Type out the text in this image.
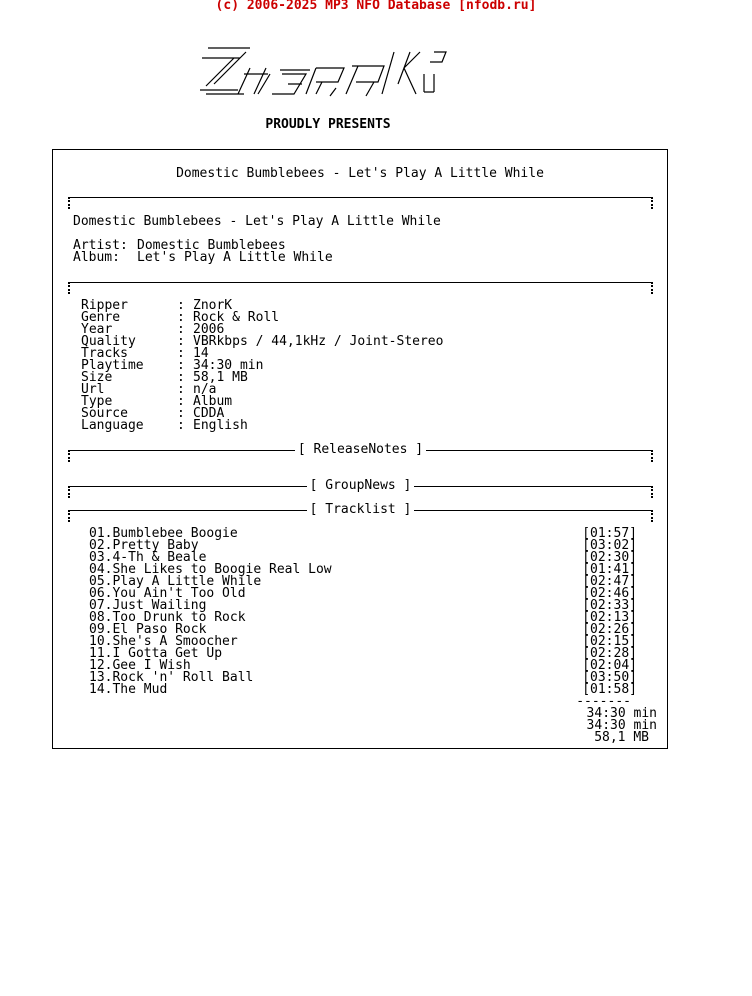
(c) 2006-2025 MP3 NFO Database [nfodb.ru]
PROUDLY PRESENTS
Domestic Bumblebees - Let's Play A Little While
Domestic Bumblebees - Let's Play A Little While
Artist: Domestic Bumblebees
Album: Let's Play A Little While
Ripper	: ZnorK
Genre	: Rock & Roll
Year	: 2006
Quality	: VBRkbps / 44,1kHz / Joint-Stereo
Tracks	: 14
Playtime	: 34:30 min
Size	: 58,1 MB
Url	: n/a
Type	: Album
Source	: CDDA
Language	: English
[ ReleaseNotes ]
[ GroupNews ]
[ Tracklist ]
01.Bumblebee Boogie	[01:57]
02.Pretty Baby	[03:02]
03.4-Th & Beale	[02:30]
04.She Likes to Boogie Real Low	[01:41]
05.Play A Little While	[02:47]
06.You Ain't Too Old	[02:46]
07.Just Wailing	[02:33]
08.Too Drunk to Rock	[02:13]
09.El Paso Rock	[02:26]
10.She's A Smoocher	[02:15]
11.I Gotta Get Up	[02:28]
12.Gee I Wish	[02:04]
13.Rock 'n' Roll Ball	[03:50]
14.The Mud	[01:58]
-------
34:30 min
34:30 min
58,1 MB
